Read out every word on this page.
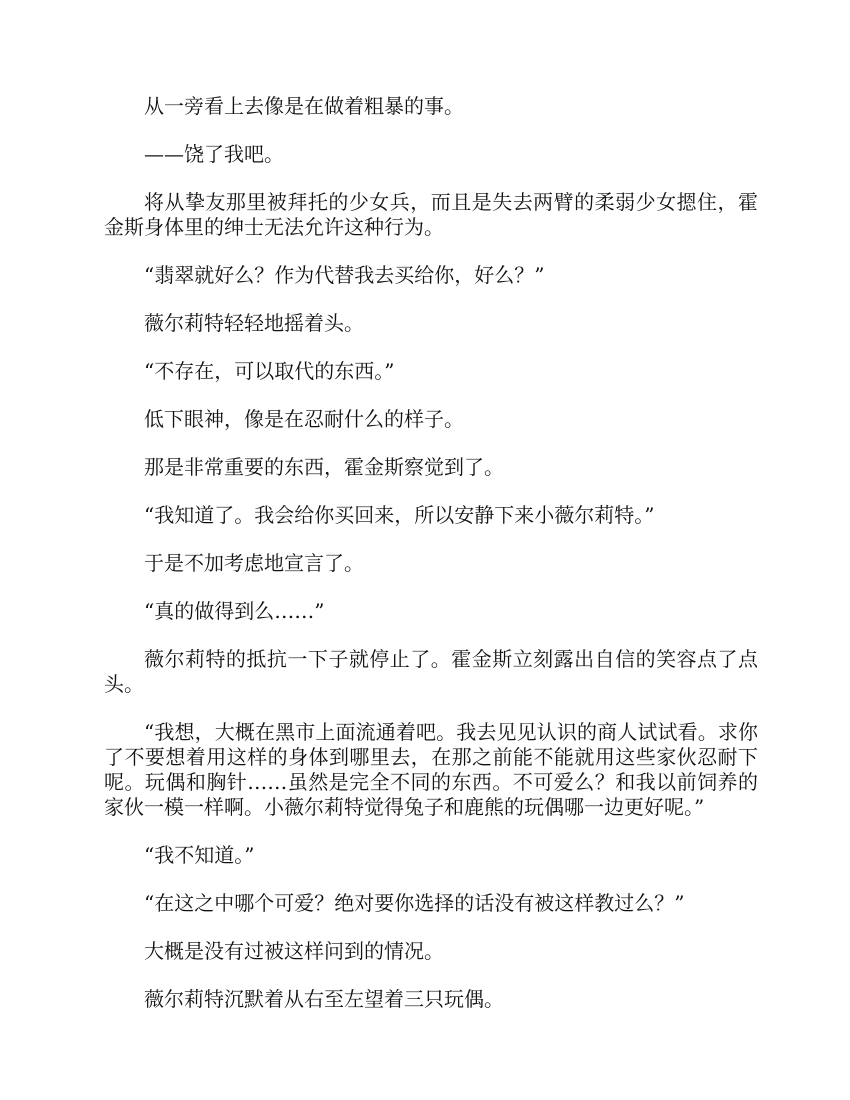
从一旁看上去像是在做着粗暴的事。

——饶了我吧。

将从挚友那里被拜托的少女兵，而且是失去两臂的柔弱少女摁住，霍金斯身体里的绅士无法允许这种行为。

“翡翠就好么？作为代替我去买给你，好么？”

薇尔莉特轻轻地摇着头。

“不存在，可以取代的东西。”

低下眼神，像是在忍耐什么的样子。

那是非常重要的东西，霍金斯察觉到了。

“我知道了。我会给你买回来，所以安静下来小薇尔莉特。”

于是不加考虑地宣言了。

“真的做得到么……”

薇尔莉特的抵抗一下子就停止了。霍金斯立刻露出自信的笑容点了点头。

“我想，大概在黑市上面流通着吧。我去见见认识的商人试试看。求你了不要想着用这样的身体到哪里去，在那之前能不能就用这些家伙忍耐下呢。玩偶和胸针……虽然是完全不同的东西。不可爱么？和我以前饲养的家伙一模一样啊。小薇尔莉特觉得兔子和鹿熊的玩偶哪一边更好呢。”

“我不知道。”

“在这之中哪个可爱？绝对要你选择的话没有被这样教过么？”

大概是没有过被这样问到的情况。

薇尔莉特沉默着从右至左望着三只玩偶。
